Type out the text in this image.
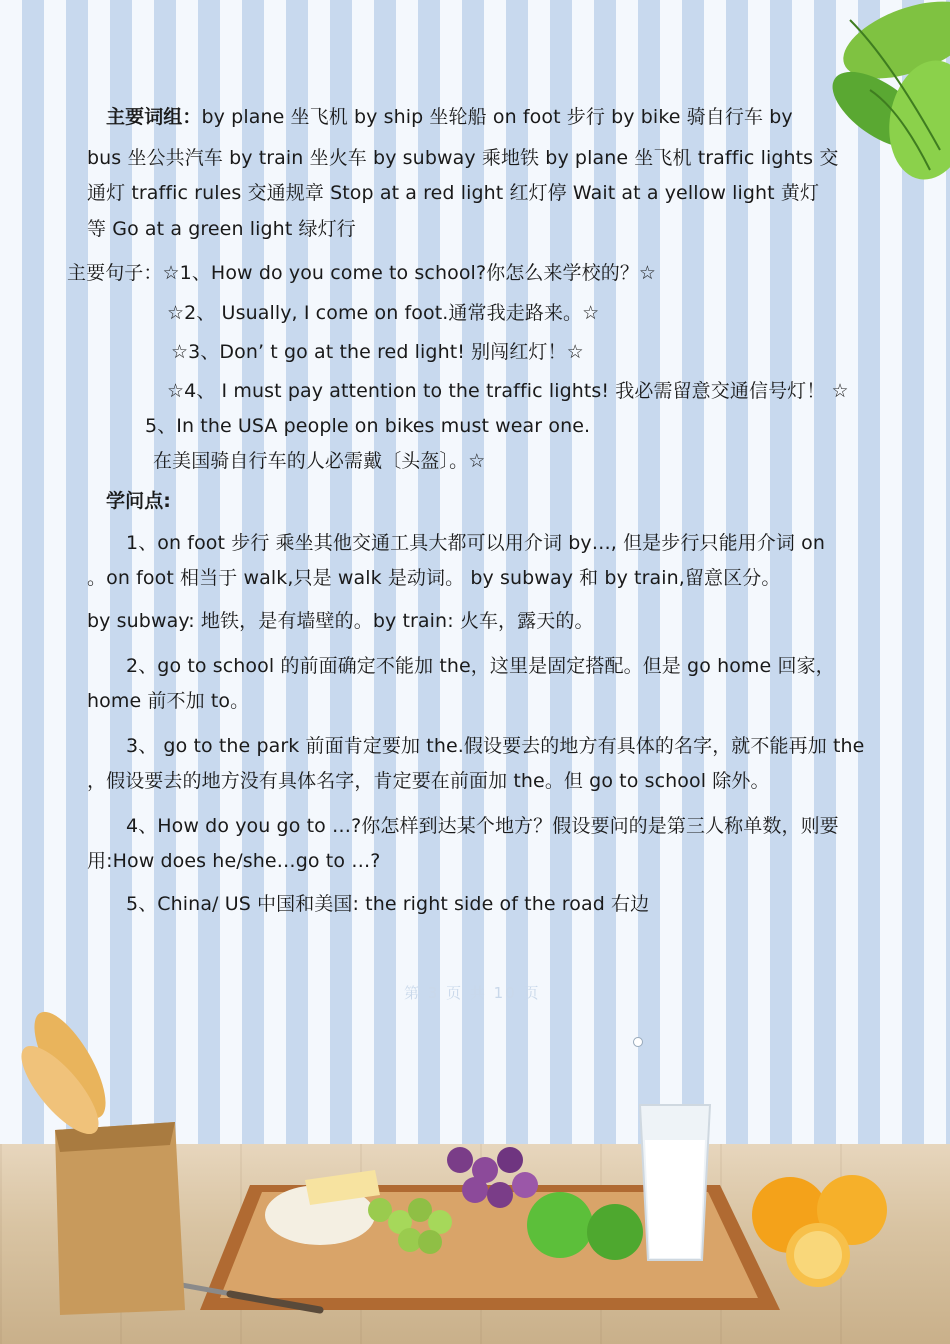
主要词组：by plane 坐飞机 by ship 坐轮船 on foot 步行 by bike 骑自行车 by
bus 坐公共汽车 by train 坐火车 by subway 乘地铁 by plane 坐飞机 traffic lights 交
通灯 traffic rules 交通规章 Stop at a red light 红灯停 Wait at a yellow light 黄灯
等 Go at a green light 绿灯行
主要句子：☆1、How do you come to school?你怎么来学校的？☆
☆2、 Usually, I come on foot.通常我走路来。☆
☆3、Don’ t go at the red light! 别闯红灯！☆
☆4、 I must pay attention to the traffic lights! 我必需留意交通信号灯！ ☆
5、In the USA people on bikes must wear one.
在美国骑自行车的人必需戴〔头盔〕。☆
学问点:
1、on foot 步行 乘坐其他交通工具大都可以用介词 by…, 但是步行只能用介词 on
。on foot 相当于 walk,只是 walk 是动词。 by subway 和 by train,留意区分。
by subway: 地铁，是有墙壁的。by train: 火车，露天的。
2、go to school 的前面确定不能加 the，这里是固定搭配。但是 go home 回家，
home 前不加 to。
3、 go to the park 前面肯定要加 the.假设要去的地方有具体的名字，就不能再加 the
，假设要去的地方没有具体名字，肯定要在前面加 the。但 go to school 除外。
4、How do you go to …?你怎样到达某个地方？假设要问的是第三人称单数，则要
用:How does he/she…go to …?
5、China/ US 中国和美国: the right side of the road 右边
第 3 页 共 10 页
